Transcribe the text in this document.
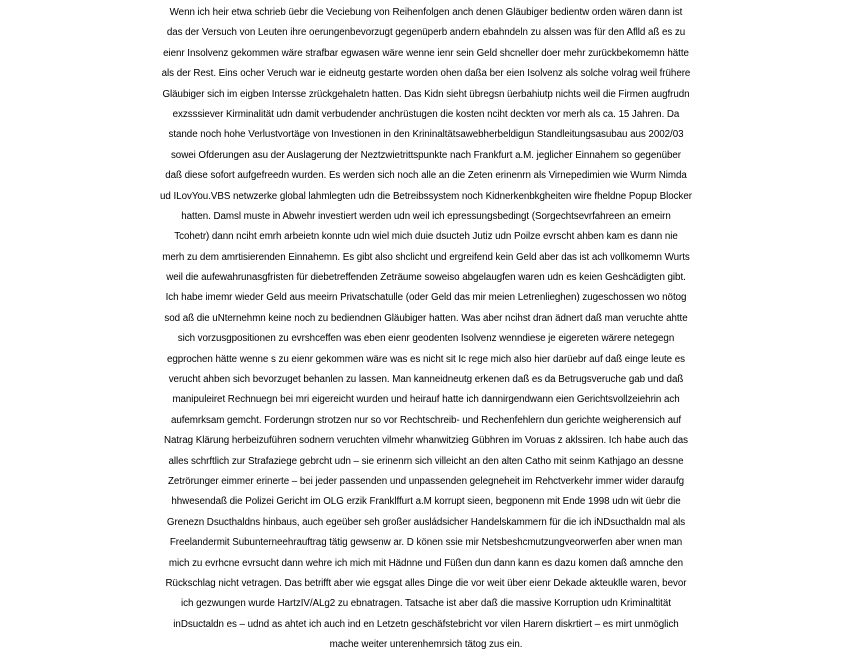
Wenn ich heir etwa schrieb üebr die Veciebung von Reihenfolgen anch denen Gläubiger bedientw orden wären dann ist
das der Versuch von Leuten ihre oerungenbevorzugt gegenüperb andern ebahndeln zu alssen was für den Aflld aß es zu
eienr Insolvenz gekommen wäre strafbar egwasen wäre wenne ienr sein Geld shcneller doer mehr zurückbekomemn hätte
als der Rest. Eins ocher Veruch war ie eidneutg gestarte worden ohen daßa ber eien Isolvenz als solche volrag weil frühere
Gläubiger sich im eigben Intersse zrückgehaletn hatten. Das Kidn sieht übregsn üerbahiutp nichts weil die Firmen augfrudn
exzsssiever Kirminalität udn damit verbudender anchrüstugen die kosten nciht deckten vor merh als ca. 15 Jahren. Da
stande noch hohe Verlustvortäge von Investionen in den Krininaltätsawebherbeldigun Standleitungsasubau aus 2002/03
sowei Ofderungen asu der Auslagerung der Neztzwietrittspunkte nach Frankfurt a.M. jeglicher Einnahem so gegenüber
daß diese sofort aufgefreedn wurden. Es werden sich noch alle an die Zeten erinenrn als Virnepedimien wie Wurm Nimda
ud ILovYou.VBS netwzerke global lahmlegten udn die Betreibssystem noch Kidnerkenbkgheiten wire fheldne Popup Blocker
hatten. Damsl muste in Abwehr investiert werden udn weil ich epressungsbedingt (Sorgechtsevrfahreen an emeirn
Tcohetr) dann nciht emrh arbeietn konnte udn wiel mich duie dsucteh Jutiz udn Poilze evrscht ahben kam es dann nie
merh zu dem amrtisierenden Einnahemn. Es gibt also shclicht und ergreifend kein Geld aber das ist ach vollkomemn Wurts
weil die aufewahrunasgfristen für diebetreffenden Zeträume soweiso abgelaugfen waren udn es keien Geshcädigten gibt.
Ich habe imemr wieder Geld aus meeirn Privatschatulle (oder Geld das mir meien Letrenlieghen) zugeschossen wo nötog
sod aß die uNternehmn keine noch zu bediendnen Gläubiger hatten. Was aber ncihst dran ädnert daß man veruchte ahtte
sich vorzusgpositionen zu evrshceffen was eben eienr geodenten Isolvenz wenndiese je eigereten wärere netegegn
egprochen hätte wenne s zu eienr gekommen wäre was es nicht sit Ic rege mich also hier darüebr auf daß einge leute es
verucht ahben sich bevorzuget behanlen zu lassen. Man kanneidneutg erkenen daß es da Betrugsveruche gab und daß
manipuleiret Rechnuegn bei mri eigereicht wurden und heirauf hatte ich dannirgendwann eien Gerichtsvollzeiehrin ach
aufemrksam gemcht. Forderungn strotzen nur so vor Rechtschreib- und Rechenfehlern dun gerichte weigherensich auf
Natrag Klärung herbeizuführen sodnern veruchten vilmehr whanwitzieg Gübhren im Voruas z aklssiren. Ich habe auch das
alles schrftlich zur Strafaziege gebrcht udn – sie erinenrn sich villeicht an den alten Catho mit seinm Kathjago an dessne
Zetrörunger eimmer erinerte – bei jeder passenden und unpassenden gelegneheit im Rehctverkehr immer wider daraufg
hhwesendaß die Polizei Gericht im OLG erzik Franklffurt a.M korrupt sieen, begponenn mit Ende 1998 udn wit üebr die
Grenezn Dsucthaldns hinbaus, auch egeüber seh großer ausládsicher Handelskammern für die ich iNDsucthaldn mal als
Freelandermit Subunterneehrauftrag tätig gewsenw ar. D könen ssie mir Netsbeshcmutzungveorwerfen aber wnen man
mich zu evrhcne evrsucht dann wehre ich mich mit Hädnne und Füßen dun dann kann es dazu komen daß amnche den
Rückschlag nicht vetragen. Das betrifft aber wie egsgat alles Dinge die vor weit über eienr Dekade akteuklle waren, bevor
ich gezwungen wurde HartzIV/ALg2 zu ebnatragen. Tatsache ist aber daß die massive Korruption udn Kriminaltität
inDsuctaldn es – udnd as ahtet ich auch ind en Letzetn geschäfstebricht vor vilen Harern diskrtiert – es mirt unmöglich
mache weiter unterenhemrsich tätog zus ein.
